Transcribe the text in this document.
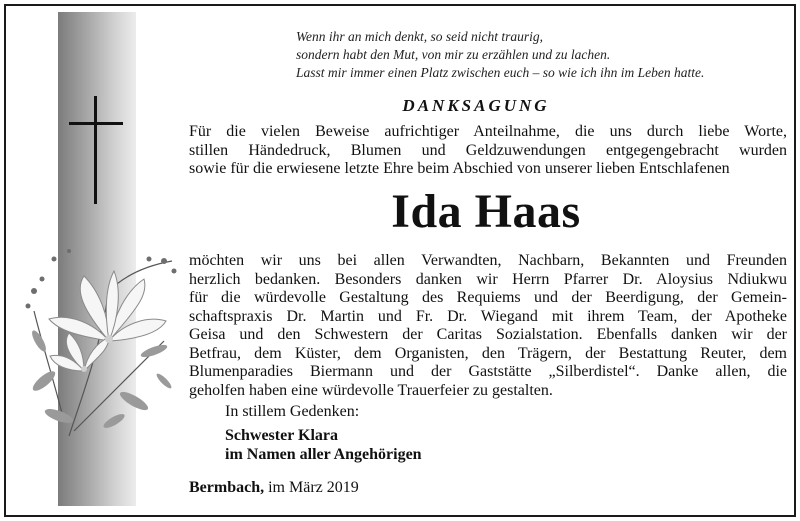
Wenn ihr an mich denkt, so seid nicht traurig,
sondern habt den Mut, von mir zu erzählen und zu lachen.
Lasst mir immer einen Platz zwischen euch – so wie ich ihn im Leben hatte.
DANKSAGUNG
Für die vielen Beweise aufrichtiger Anteilnahme, die uns durch liebe Worte,
stillen Händedruck, Blumen und Geldzuwendungen entgegengebracht wurden
sowie für die erwiesene letzte Ehre beim Abschied von unserer lieben Entschlafenen
Ida Haas
möchten wir uns bei allen Verwandten, Nachbarn, Bekannten und Freunden
herzlich bedanken. Besonders danken wir Herrn Pfarrer Dr. Aloysius Ndiukwu
für die würdevolle Gestaltung des Requiems und der Beerdigung, der Gemein-
schaftspraxis Dr. Martin und Fr. Dr. Wiegand mit ihrem Team, der Apotheke
Geisa und den Schwestern der Caritas Sozialstation. Ebenfalls danken wir der
Betfrau, dem Küster, dem Organisten, den Trägern, der Bestattung Reuter, dem
Blumenparadies Biermann und der Gaststätte „Silberdistel“. Danke allen, die
geholfen haben eine würdevolle Trauerfeier zu gestalten.
In stillem Gedenken:
Schwester Klara
im Namen aller Angehörigen
Bermbach, im März 2019
